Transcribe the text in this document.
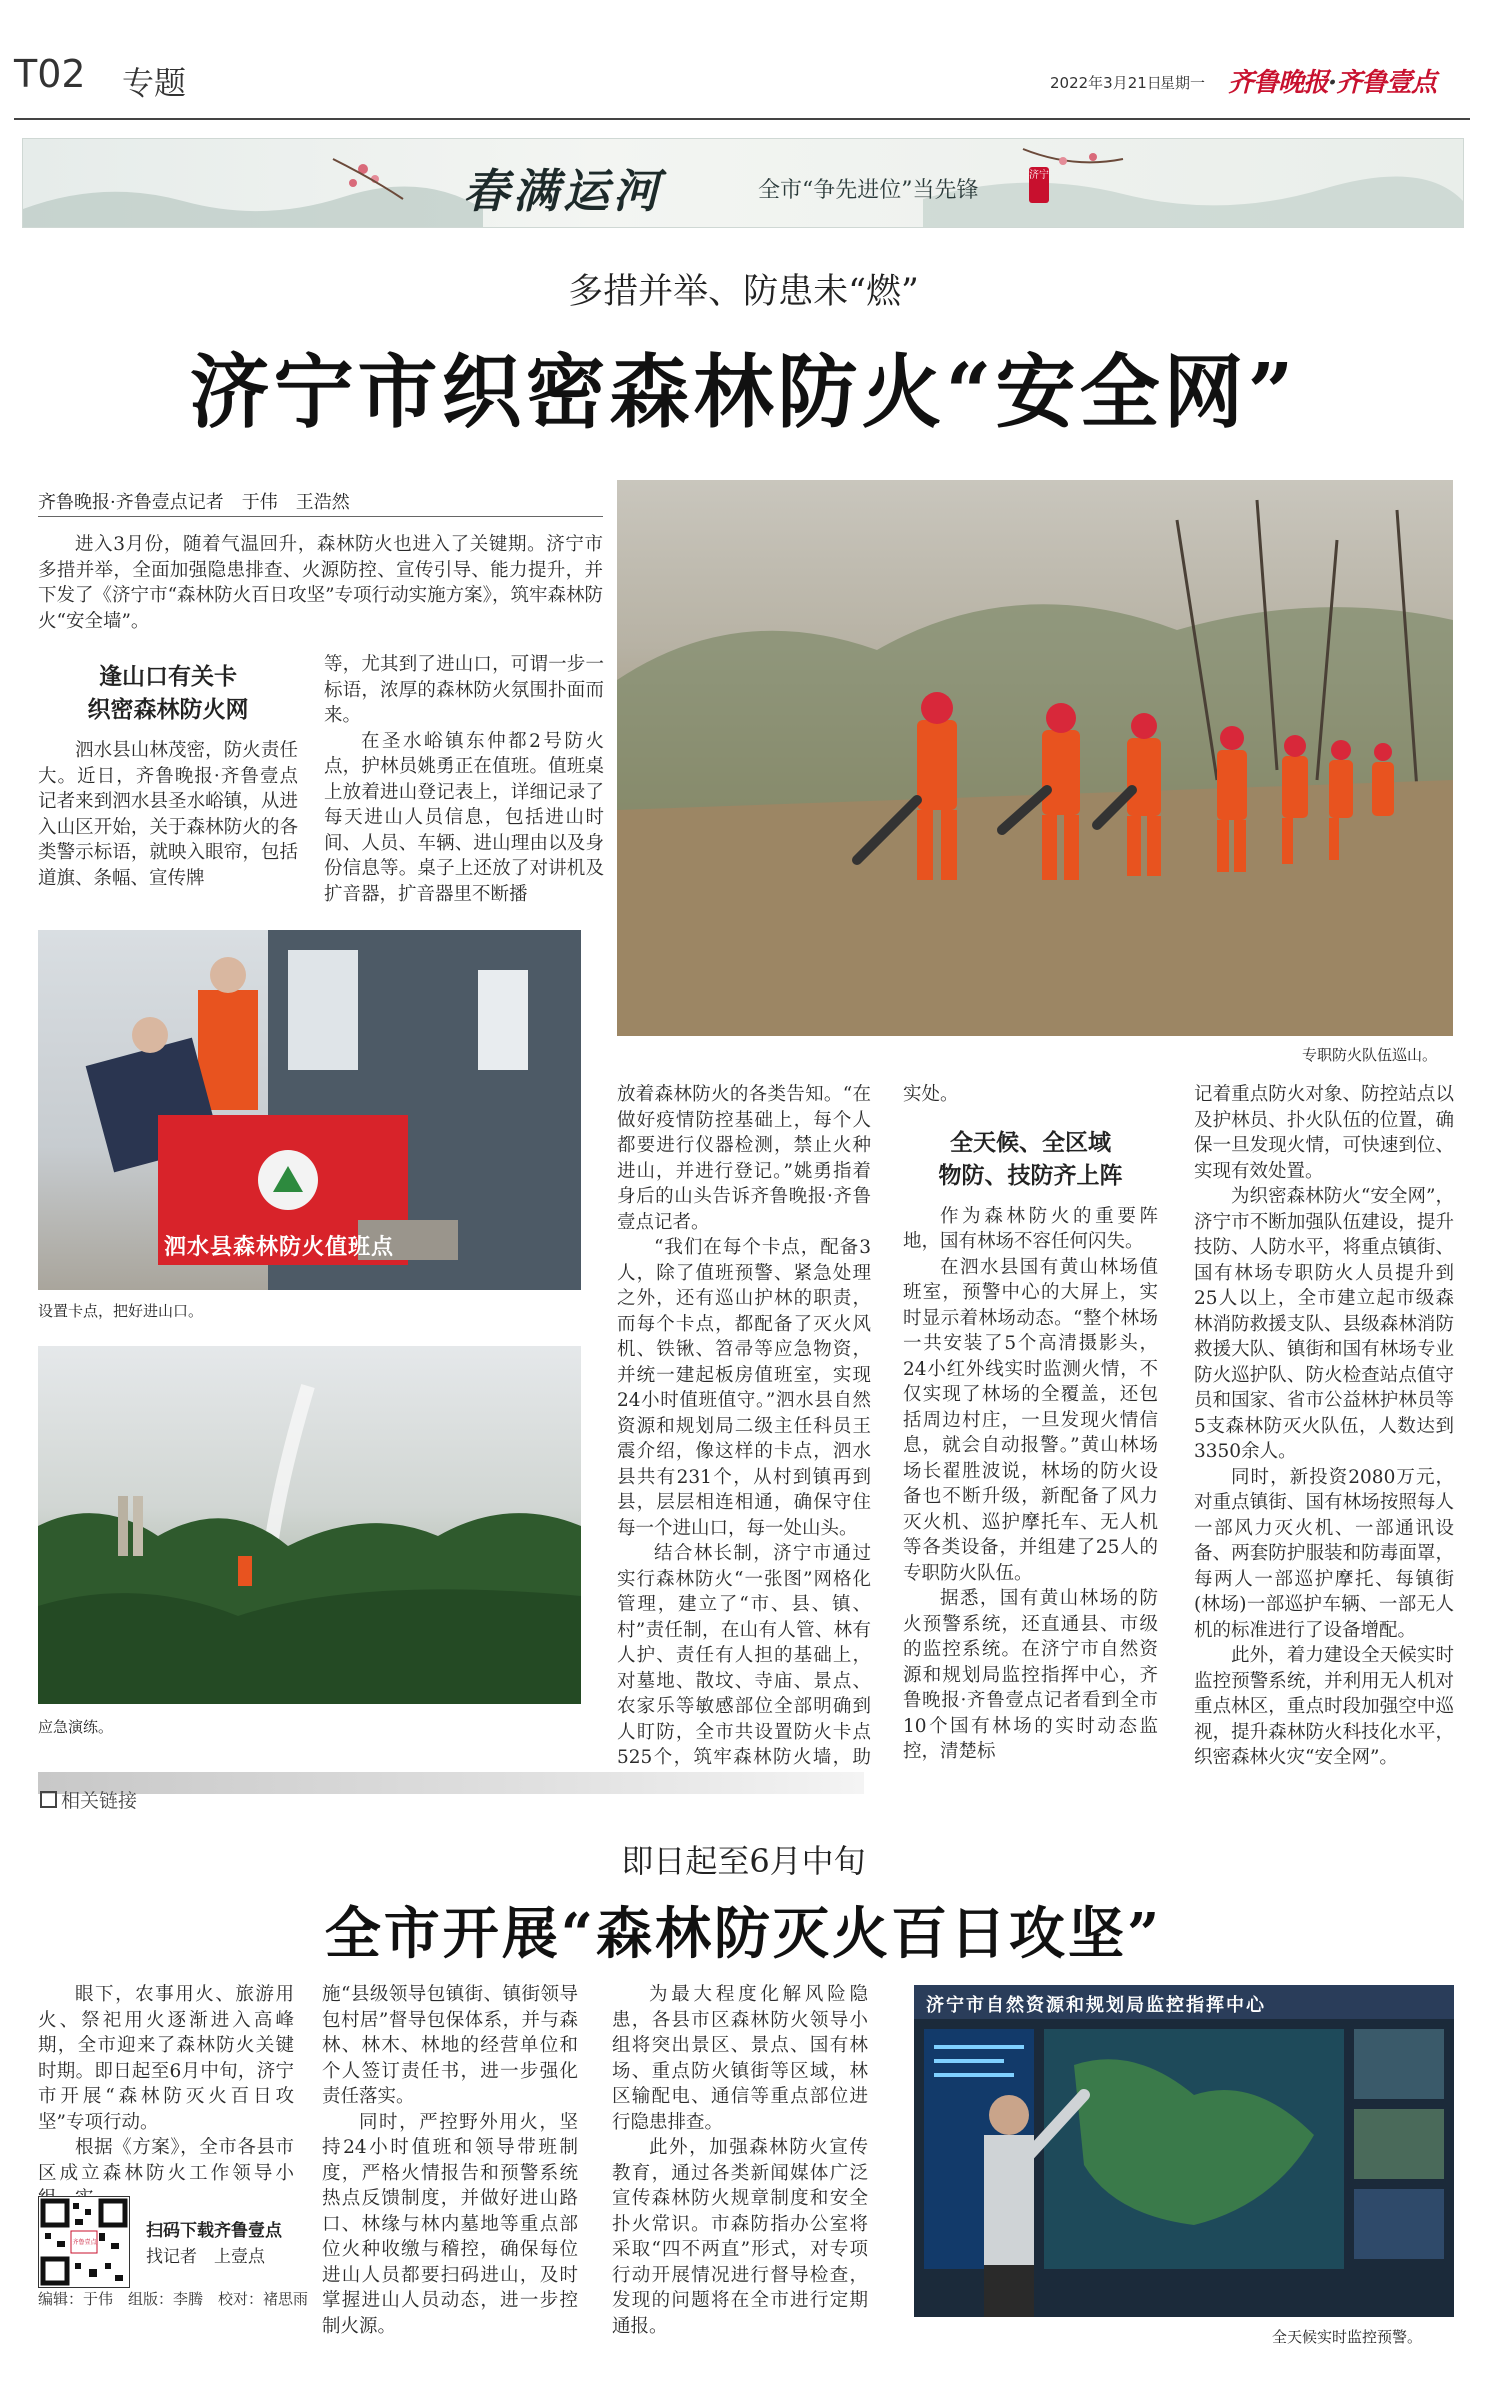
T02 专题	2022年3月21日
星期一 齐鲁晚报·齐鲁壹点
春满运河	全市“争先进位”当先锋
济宁
多措并举、防患未“燃”
济宁市织密森林防火“安全网”
齐鲁晚报·齐鲁壹点记者　于伟　王浩然

进入3月份，随着气温回升，森林防火也进入了关键期。济宁市多措并举，全面加强隐患排查、火源防控、宣传引导、能力提升，并下发了《济宁市“森林防火百日攻坚”专项行动实施方案》，筑牢森林防火“安全墙”。

逢山口有关卡
织密森林防火网

泗水县山林茂密，防火责任大。近日，齐鲁晚报·齐鲁壹点记者来到泗水县圣水峪镇，从进入山区开始，关于森林防火的各类警示标语，就映入眼帘，包括道旗、条幅、宣传牌

等，尤其到了进山口，可谓一步一标语，浓厚的森林防火氛围扑面而来。

在圣水峪镇东仲都2号防火点，护林员姚勇正在值班。值班桌上放着进山登记表上，详细记录了每天进山人员信息，包括进山时间、人员、车辆、进山理由以及身份信息等。桌子上还放了对讲机及扩音器，扩音器里不断播

专职防火队伍巡山。
泗水县森林防火值班点
设置卡点，把好进山口。
应急演练。

放着森林防火的各类告知。“在做好疫情防控基础上，每个人都要进行仪器检测，禁止火种进山，并进行登记。”姚勇指着身后的山头告诉齐鲁晚报·齐鲁壹点记者。

“我们在每个卡点，配备3人，除了值班预警、紧急处理之外，还有巡山护林的职责，而每个卡点，都配备了灭火风机、铁锹、笤帚等应急物资，并统一建起板房值班室，实现24小时值班值守。”泗水县自然资源和规划局二级主任科员王震介绍，像这样的卡点，泗水县共有231个，从村到镇再到县，层层相连相通，确保守住每一个进山口，每一处山头。

结合林长制，济宁市通过实行森林防火“一张图”网格化管理，建立了“市、县、镇、村”责任制，在山有人管、林有人护、责任有人担的基础上，对墓地、散坟、寺庙、景点、农家乐等敏感部位全部明确到人盯防，全市共设置防火卡点525个，筑牢森林防火墙，助

实处。

全天候、全区域
物防、技防齐上阵

作为森林防火的重要阵地，国有林场不容任何闪失。

在泗水县国有黄山林场值班室，预警中心的大屏上，实时显示着林场动态。“整个林场一共安装了5个高清摄影头，24小红外线实时监测火情，不仅实现了林场的全覆盖，还包括周边村庄，一旦发现火情信息，就会自动报警。”黄山林场场长翟胜波说，林场的防火设备也不断升级，新配备了风力灭火机、巡护摩托车、无人机等各类设备，并组建了25人的专职防火队伍。

据悉，国有黄山林场的防火预警系统，还直通县、市级的监控系统。在济宁市自然资源和规划局监控指挥中心，齐鲁晚报·齐鲁壹点记者看到全市10个国有林场的实时动态监控，清楚标

记着重点防火对象、防控站点以及护林员、扑火队伍的位置，确保一旦发现火情，可快速到位、实现有效处置。

为织密森林防火“安全网”，济宁市不断加强队伍建设，提升技防、人防水平，将重点镇街、国有林场专职防火人员提升到25人以上，全市建立起市级森林消防救援支队、县级森林消防救援大队、镇街和国有林场专业防火巡护队、防火检查站点值守员和国家、省市公益林护林员等5支森林防灭火队伍，人数达到3350余人。

同时，新投资2080万元，对重点镇街、国有林场按照每人一部风力灭火机、一部通讯设备、两套防护服装和防毒面罩，每两人一部巡护摩托、每镇街(林场)一部巡护车辆、一部无人机的标准进行了设备增配。

此外，着力建设全天候实时监控预警系统，并利用无人机对重点林区，重点时段加强空中巡视，提升森林防火科技化水平，织密森林火灾“安全网”。

相关链接
即日起至6月中旬
全市开展“森林防灭火百日攻坚”

眼下，农事用火、旅游用火、祭祀用火逐渐进入高峰期，全市迎来了森林防火关键时期。即日起至6月中旬，济宁市开展“森林防灭火百日攻坚”专项行动。

根据《方案》，全市各县市区成立森林防火工作领导小

齐鲁壹点
扫码下载齐鲁壹点
找记者　上壹点
编辑：于伟　组版：李腾　校对：褚思雨

施“县级领导包镇街、镇街领导包村居”督导包保体系，并与森林、林木、林地的经营单位和个人签订责任书，进一步强化责任落实。

同时，严控野外用火，坚持24小时值班和领导带班制度，严格火情报告和预警系统热点反馈制度，并做好进山路口、林缘与林内墓地等重点部位火种收缴与稽控，确保每位进山人员都要扫码进山，及时掌握进山人员动态，进一步控制火源。

为最大程度化解风险隐患，各县市区森林防火领导小组将突出景区、景点、国有林场、重点防火镇街等区域，林区输配电、通信等重点部位进行隐患排查。

此外，加强森林防火宣传教育，通过各类新闻媒体广泛宣传森林防火规章制度和安全扑火常识。市森防指办公室将采取“四不两直”形式，对专项行动开展情况进行督导检查，发现的问题将在全市进行定期通报。

济宁市自然资源和规划局监控指挥中心
全天候实时监控预警。
